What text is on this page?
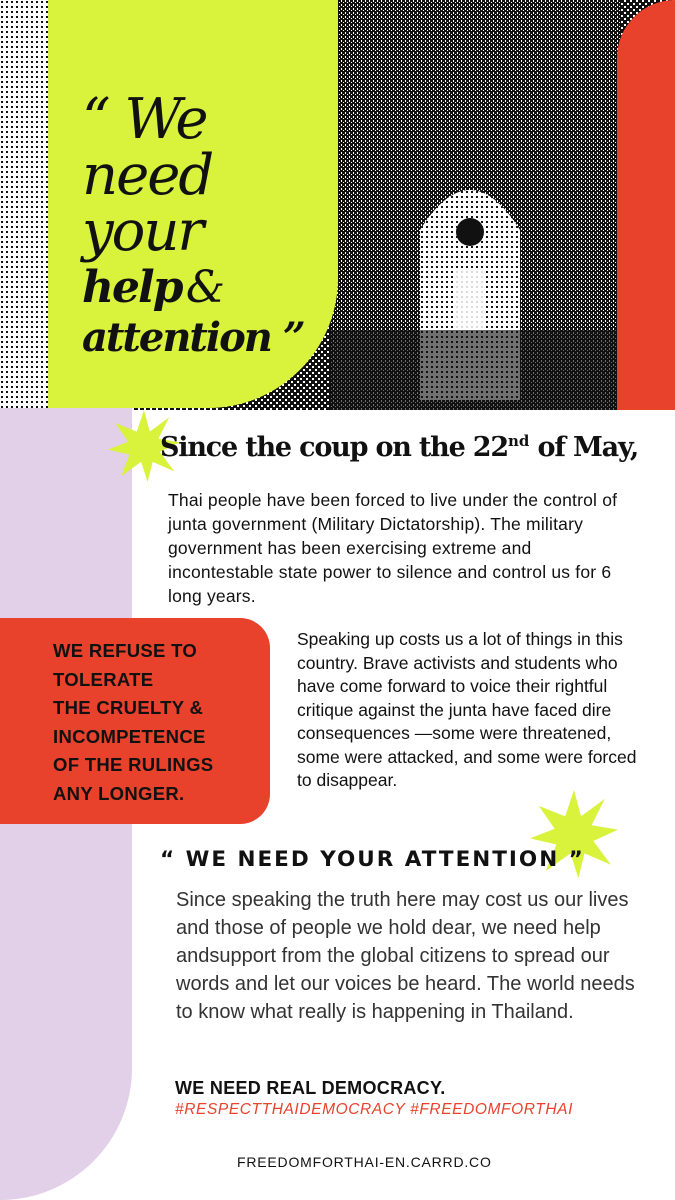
“ We need
your
help &
attention ”
Since the coup on the 22nd of May,
Thai people have been forced to live under the control of junta government (Military Dictatorship). The military government has been exercising extreme and incontestable state power to silence and control us for 6 long years.
WE REFUSE TO
TOLERATE
THE CRUELTY &
INCOMPETENCE
OF THE RULINGS
ANY LONGER.
Speaking up costs us a lot of things in this country. Brave activists and students who have come forward to voice their rightful critique against the junta have faced dire consequences —some were threatened, some were attacked, and some were forced to disappear.
“ WE NEED YOUR ATTENTION ”
Since speaking the truth here may cost us our lives and those of people we hold dear, we need help andsupport from the global citizens to spread our words and let our voices be heard. The world needs to know what really is happening in Thailand.
WE NEED REAL DEMOCRACY.
#RESPECTTHAIDEMOCRACY #FREEDOMFORTHAI
FREEDOMFORTHAI-EN.CARRD.CO
